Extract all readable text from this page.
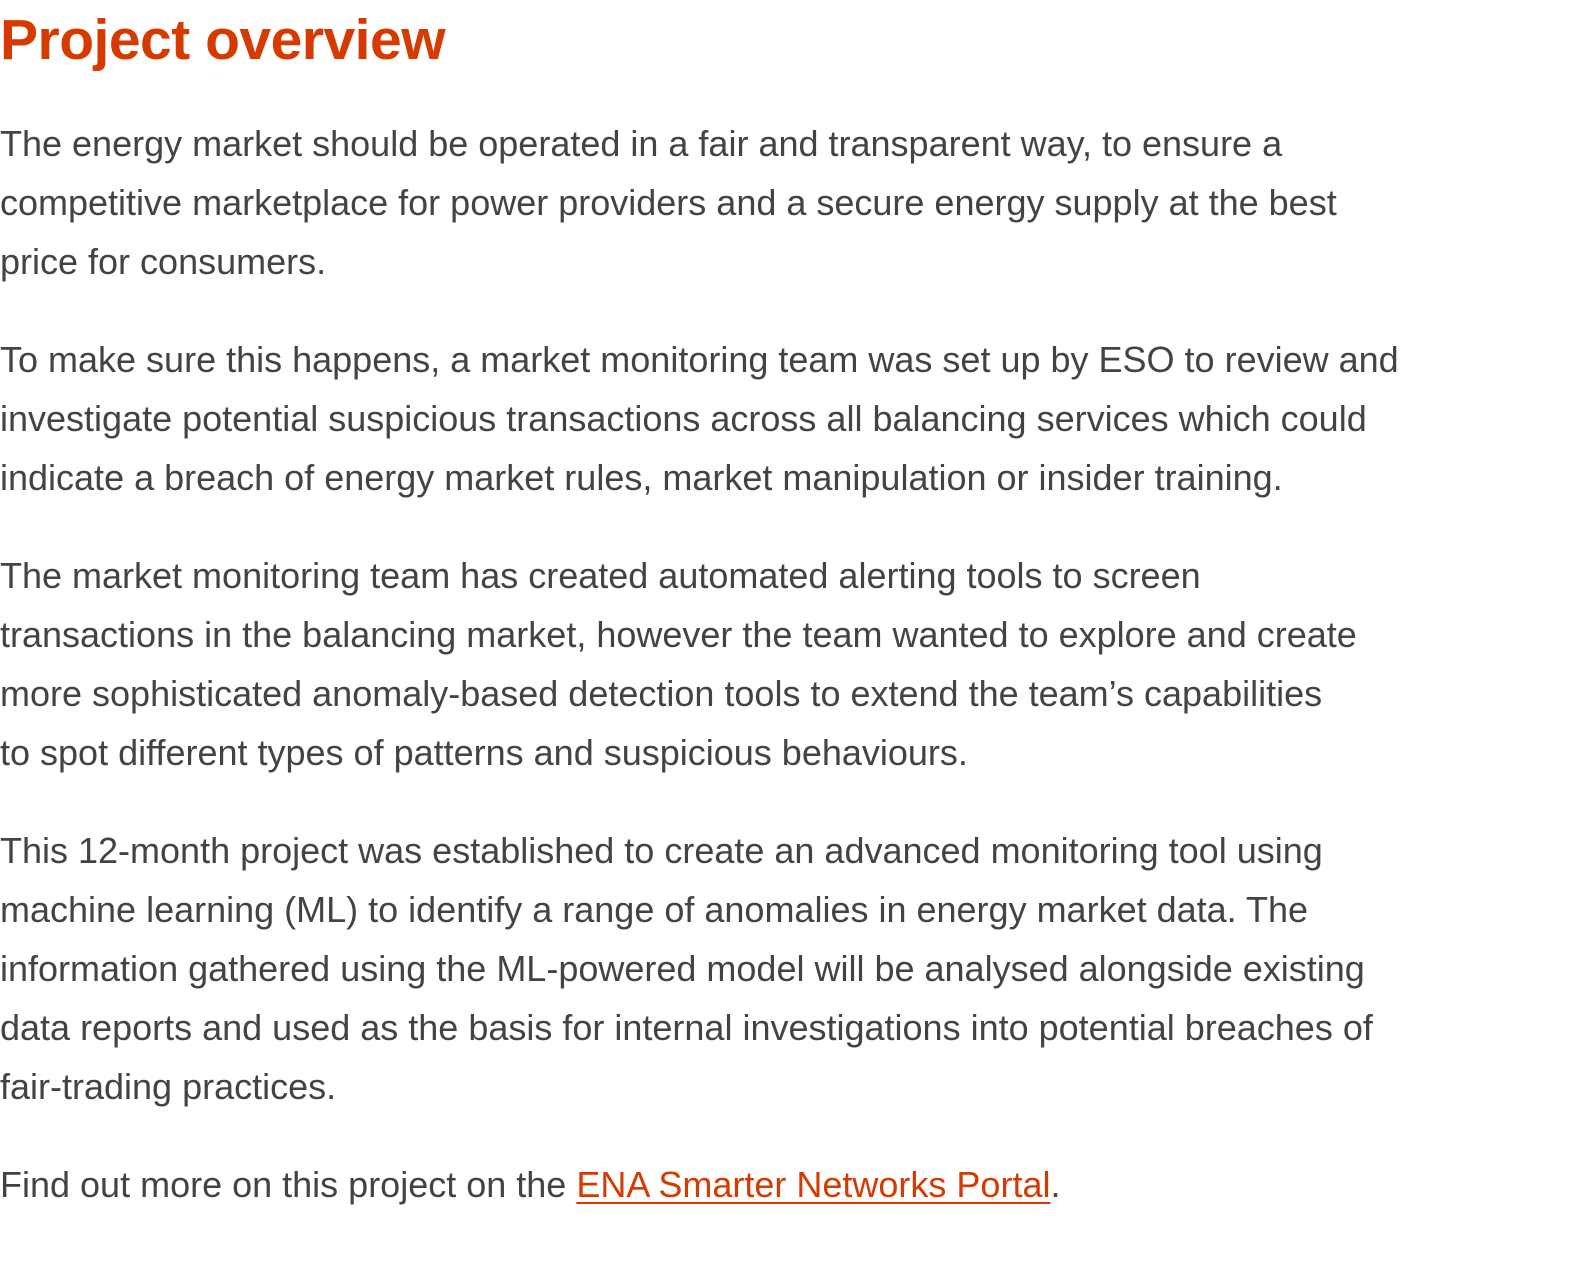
Project overview

The energy market should be operated in a fair and transparent way, to ensure a
competitive marketplace for power providers and a secure energy supply at the best
price for consumers.

To make sure this happens, a market monitoring team was set up by ESO to review and
investigate potential suspicious transactions across all balancing services which could
indicate a breach of energy market rules, market manipulation or insider training.

The market monitoring team has created automated alerting tools to screen
transactions in the balancing market, however the team wanted to explore and create
more sophisticated anomaly-based detection tools to extend the team’s capabilities
to spot different types of patterns and suspicious behaviours.

This 12-month project was established to create an advanced monitoring tool using
machine learning (ML) to identify a range of anomalies in energy market data. The
information gathered using the ML-powered model will be analysed alongside existing
data reports and used as the basis for internal investigations into potential breaches of
fair-trading practices.

Find out more on this project on the ENA Smarter Networks Portal.
